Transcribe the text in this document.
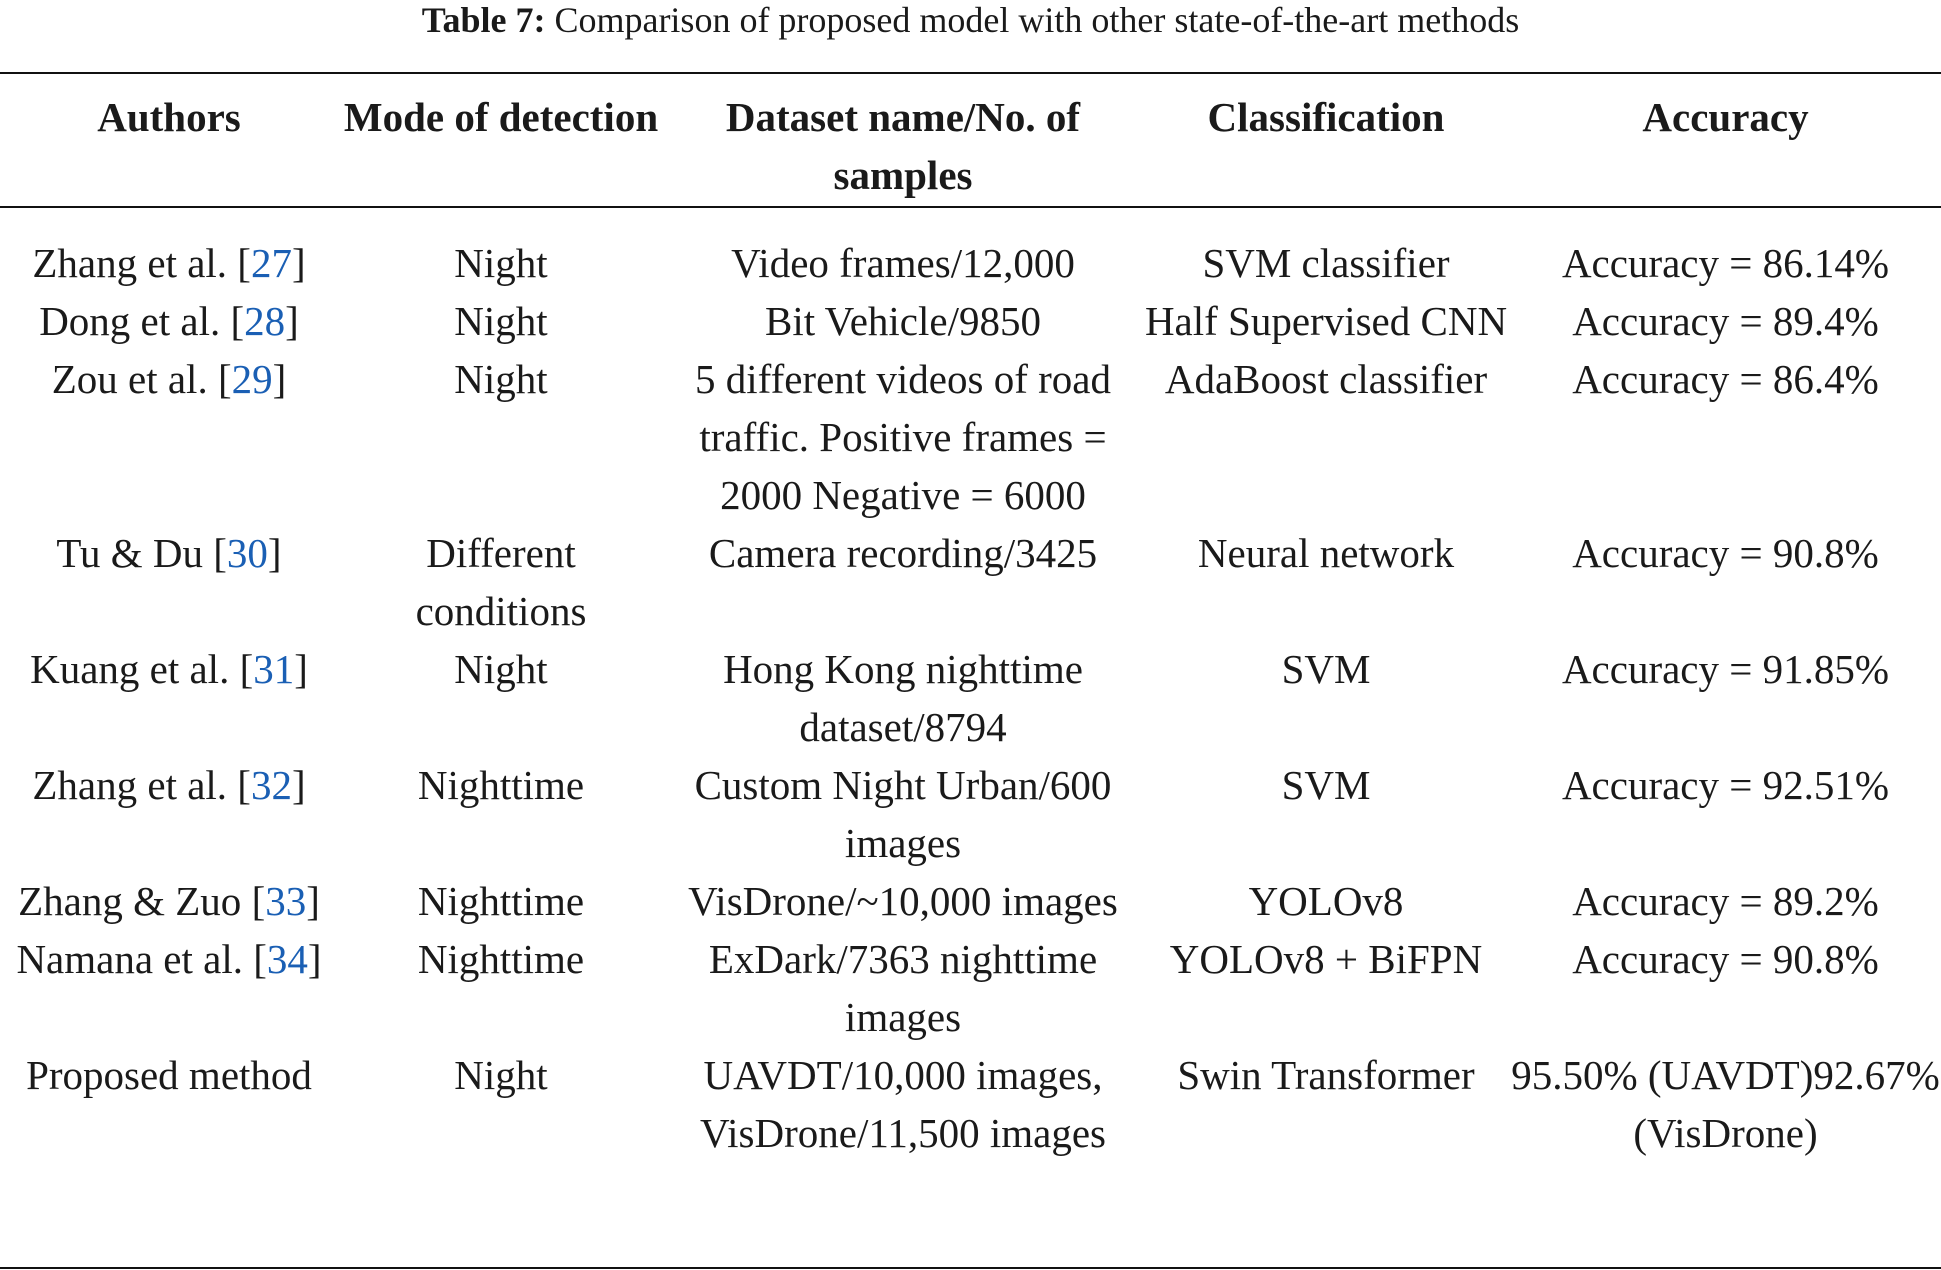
Table 7: Comparison of proposed model with other state-of-the-art methods
Authors	Mode of detection	Dataset name/No. of samples	Classification	Accuracy
Zhang et al. [27]	Night	Video frames/12,000	SVM classifier	Accuracy = 86.14%
Dong et al. [28]	Night	Bit Vehicle/9850	Half Supervised CNN	Accuracy = 89.4%
Zou et al. [29]	Night	5 different videos of road traffic. Positive frames = 2000 Negative = 6000	AdaBoost classifier	Accuracy = 86.4%
Tu & Du [30]	Different conditions	Camera recording/3425	Neural network	Accuracy = 90.8%
Kuang et al. [31]	Night	Hong Kong nighttime dataset/8794	SVM	Accuracy = 91.85%
Zhang et al. [32]	Nighttime	Custom Night Urban/600 images	SVM	Accuracy = 92.51%
Zhang & Zuo [33]	Nighttime	VisDrone/~10,000 images	YOLOv8	Accuracy = 89.2%
Namana et al. [34]	Nighttime	ExDark/7363 nighttime images	YOLOv8 + BiFPN	Accuracy = 90.8%
Proposed method	Night	UAVDT/10,000 images, VisDrone/11,500 images	Swin Transformer	95.50% (UAVDT)92.67% (VisDrone)
